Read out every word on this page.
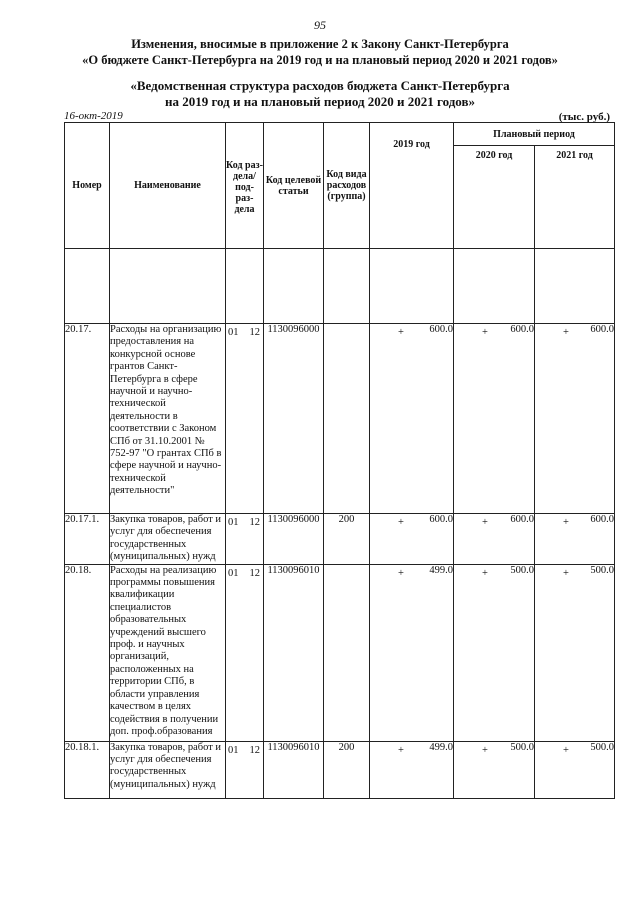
95
Изменения, вносимые в приложение 2 к Закону Санкт-Петербурга
«О бюджете Санкт-Петербурга на 2019 год и на плановый период 2020 и 2021 годов»
«Ведомственная структура расходов бюджета Санкт-Петербурга
на 2019 год и на плановый период 2020 и 2021 годов»
16-окт-2019	(тыс. руб.)
Номер	Наименование	Код раз- дела/ под- раз- дела	Код целевой статьи	Код вида расходов (группа)	2019 год	Плановый период	
						2020 год	2021 год

20.17.	Расходы на организацию предоставления на конкурсной основе грантов Санкт-Петербурга в сфере научной и научно-технической деятельности в соответствии с Законом СПб от 31.10.2001 № 752-97 "О грантах СПб в сфере научной и научно-технической деятельности"	01 12	1130096000		+ 600.0	+ 600.0	+ 600.0
20.17.1.	Закупка товаров, работ и услуг для обеспечения государственных (муниципальных) нужд	01 12	1130096000	200	+ 600.0	+ 600.0	+ 600.0
20.18.	Расходы на реализацию программы повышения квалификации специалистов образовательных учреждений высшего проф. и научных организаций, расположенных на территории СПб, в области управления качеством в целях содействия в получении доп. проф.образования	01 12	1130096010		+ 499.0	+ 500.0	+ 500.0
20.18.1.	Закупка товаров, работ и услуг для обеспечения государственных (муниципальных) нужд	01 12	1130096010	200	+ 499.0	+ 500.0	+ 500.0
